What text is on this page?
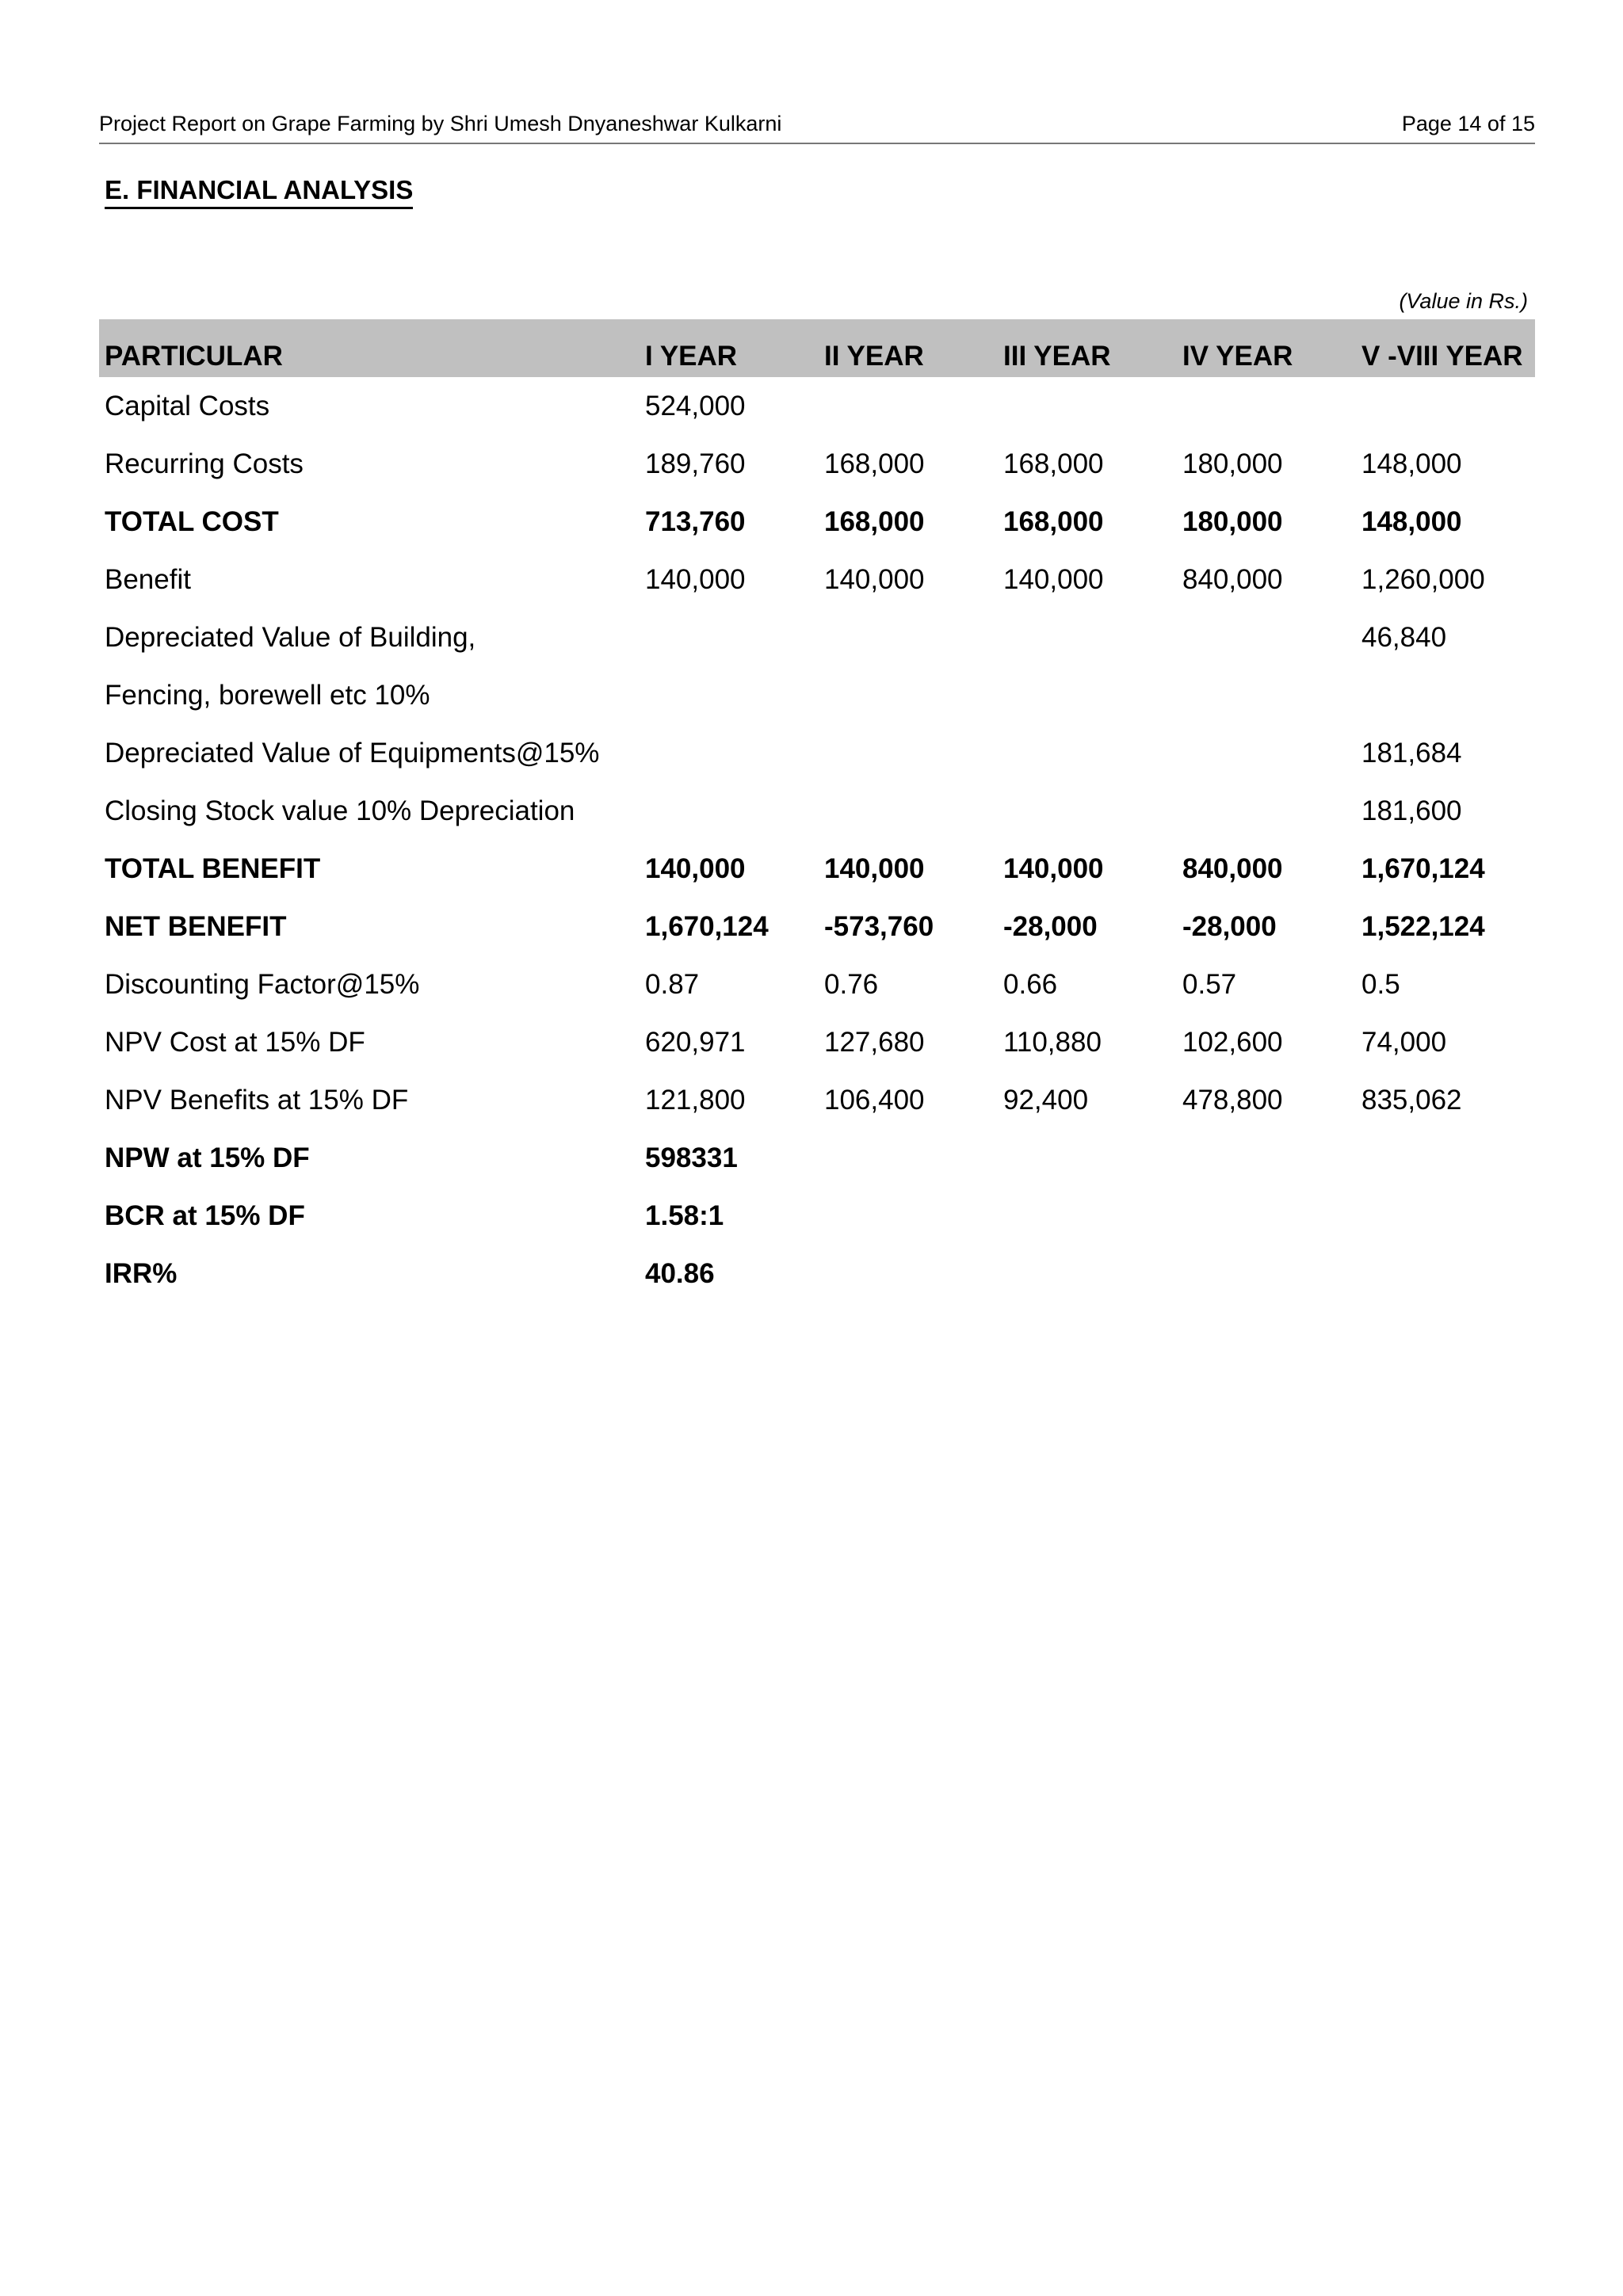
Project Report on Grape Farming by Shri Umesh Dnyaneshwar Kulkarni	Page 14 of 15
E. FINANCIAL ANALYSIS
(Value in Rs.)
PARTICULAR	I YEAR	II YEAR	III YEAR	IV YEAR	V -VIII YEAR
Capital Costs	524,000				
Recurring Costs	189,760	168,000	168,000	180,000	148,000
TOTAL COST	713,760	168,000	168,000	180,000	148,000
Benefit	140,000	140,000	140,000	840,000	1,260,000
Depreciated Value of Building,					46,840
Fencing, borewell etc 10%					
Depreciated Value of Equipments@15%					181,684
Closing Stock value 10% Depreciation					181,600
TOTAL BENEFIT	140,000	140,000	140,000	840,000	1,670,124
NET BENEFIT	1,670,124	-573,760	-28,000	-28,000	1,522,124
Discounting Factor@15%	0.87	0.76	0.66	0.57	0.5
NPV Cost at 15% DF	620,971	127,680	110,880	102,600	74,000
NPV Benefits at 15% DF	121,800	106,400	92,400	478,800	835,062
NPW at 15% DF	598331				
BCR at 15% DF	1.58:1				
IRR%	40.86				
